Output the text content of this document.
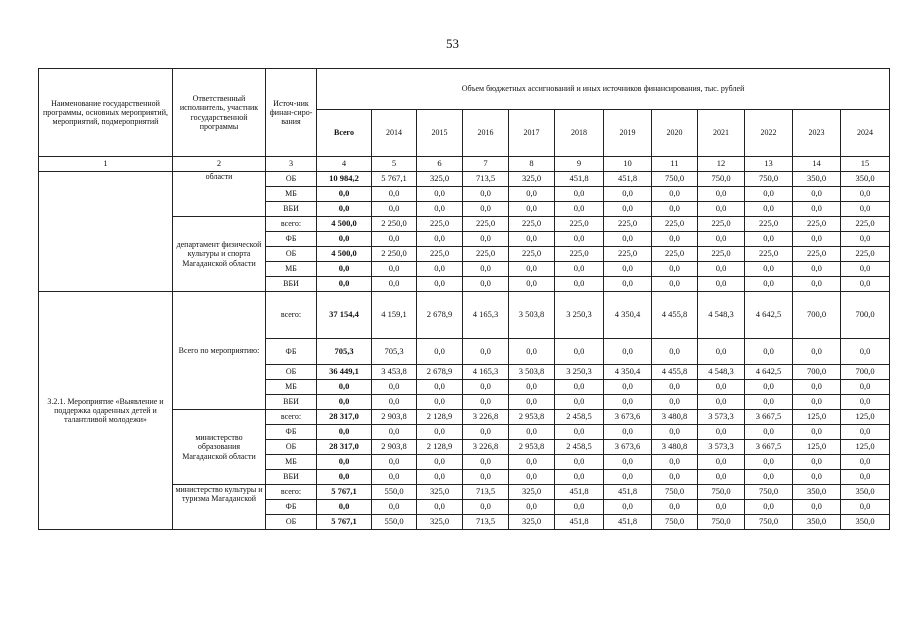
53
Наименование государственной программы, основных мероприятий, мероприятий, подмероприятий	Ответственный исполнитель, участник государственной программы	Источ-ник финан-сиро-вания	Объем бюджетных ассигнований и иных источников финансирования, тыс. рублей											
			Всего	2014	2015	2016	2017	2018	2019	2020	2021	2022	2023	2024
1	2	3	4	5	6	7	8	9	10	11	12	13	14	15
	области	ОБ	10 984,2	5 767,1	325,0	713,5	325,0	451,8	451,8	750,0	750,0	750,0	350,0	350,0
		МБ	0,0	0,0	0,0	0,0	0,0	0,0	0,0	0,0	0,0	0,0	0,0	0,0
		ВБИ	0,0	0,0	0,0	0,0	0,0	0,0	0,0	0,0	0,0	0,0	0,0	0,0
	департамент физической культуры и спорта Магаданской области	всего:	4 500,0	2 250,0	225,0	225,0	225,0	225,0	225,0	225,0	225,0	225,0	225,0	225,0
		ФБ	0,0	0,0	0,0	0,0	0,0	0,0	0,0	0,0	0,0	0,0	0,0	0,0
		ОБ	4 500,0	2 250,0	225,0	225,0	225,0	225,0	225,0	225,0	225,0	225,0	225,0	225,0
		МБ	0,0	0,0	0,0	0,0	0,0	0,0	0,0	0,0	0,0	0,0	0,0	0,0
		ВБИ	0,0	0,0	0,0	0,0	0,0	0,0	0,0	0,0	0,0	0,0	0,0	0,0
3.2.1. Мероприятие «Выявление и поддержка одаренных детей и талантливой молодежи»	Всего по мероприятию:	всего:	37 154,4	4 159,1	2 678,9	4 165,3	3 503,8	3 250,3	4 350,4	4 455,8	4 548,3	4 642,5	700,0	700,0
		ФБ	705,3	705,3	0,0	0,0	0,0	0,0	0,0	0,0	0,0	0,0	0,0	0,0
		ОБ	36 449,1	3 453,8	2 678,9	4 165,3	3 503,8	3 250,3	4 350,4	4 455,8	4 548,3	4 642,5	700,0	700,0
		МБ	0,0	0,0	0,0	0,0	0,0	0,0	0,0	0,0	0,0	0,0	0,0	0,0
		ВБИ	0,0	0,0	0,0	0,0	0,0	0,0	0,0	0,0	0,0	0,0	0,0	0,0
	министерство образования Магаданской области	всего:	28 317,0	2 903,8	2 128,9	3 226,8	2 953,8	2 458,5	3 673,6	3 480,8	3 573,3	3 667,5	125,0	125,0
		ФБ	0,0	0,0	0,0	0,0	0,0	0,0	0,0	0,0	0,0	0,0	0,0	0,0
		ОБ	28 317,0	2 903,8	2 128,9	3 226,8	2 953,8	2 458,5	3 673,6	3 480,8	3 573,3	3 667,5	125,0	125,0
		МБ	0,0	0,0	0,0	0,0	0,0	0,0	0,0	0,0	0,0	0,0	0,0	0,0
		ВБИ	0,0	0,0	0,0	0,0	0,0	0,0	0,0	0,0	0,0	0,0	0,0	0,0
	министерство культуры и туризма Магаданской	всего:	5 767,1	550,0	325,0	713,5	325,0	451,8	451,8	750,0	750,0	750,0	350,0	350,0
		ФБ	0,0	0,0	0,0	0,0	0,0	0,0	0,0	0,0	0,0	0,0	0,0	0,0
		ОБ	5 767,1	550,0	325,0	713,5	325,0	451,8	451,8	750,0	750,0	750,0	350,0	350,0
